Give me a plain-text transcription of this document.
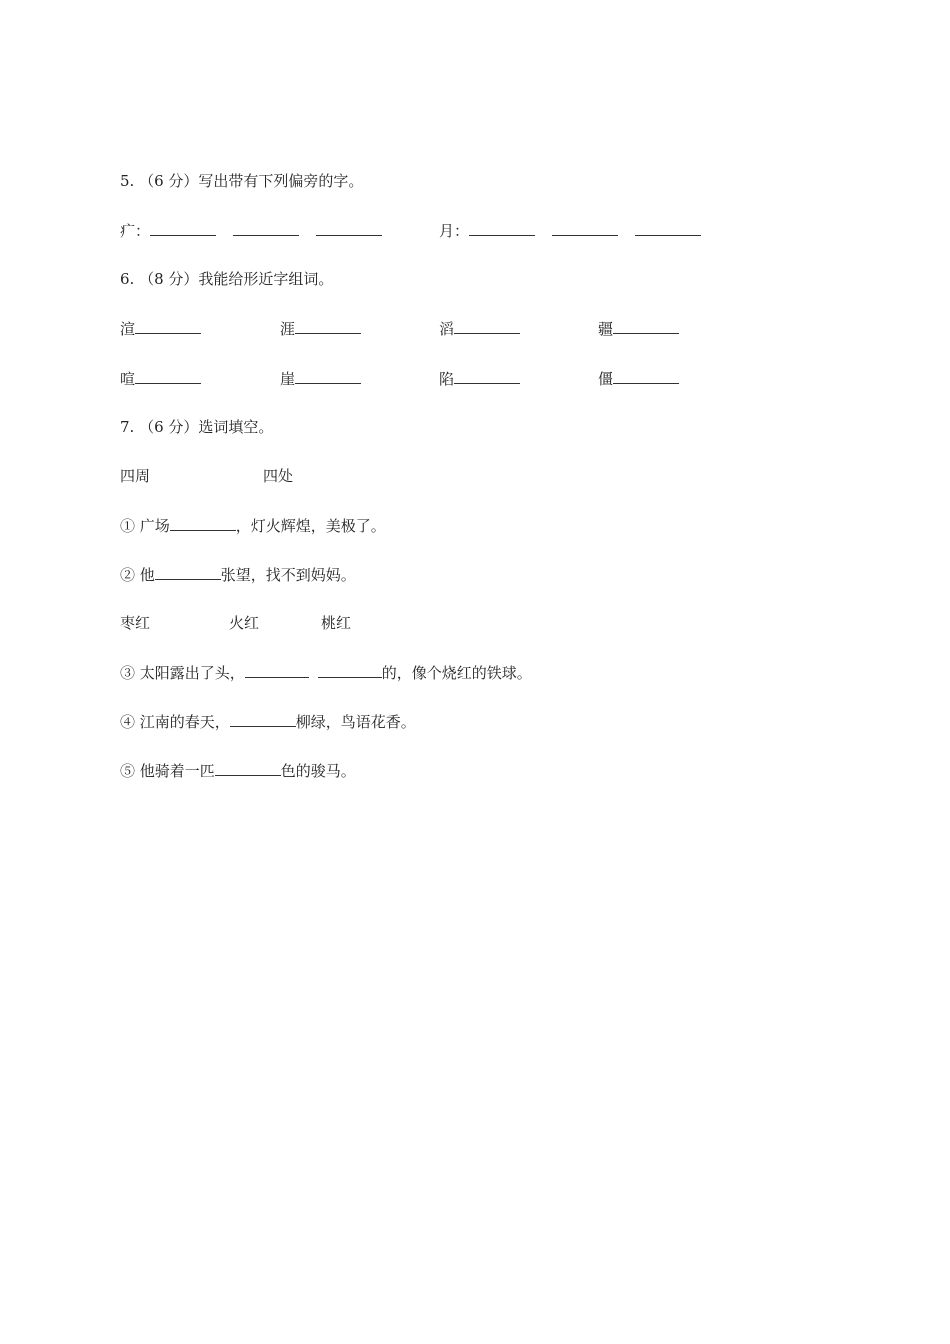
5. （6 分）写出带有下列偏旁的字。
疒：	月：
6. （8 分）我能给形近字组词。
渲	涯	滔	疆
喧	崖	陷	僵
7. （6 分）选词填空。
四周	四处
① 广场	，灯火辉煌，美极了。
② 他	张望，找不到妈妈。
枣红	火红	桃红
③ 太阳露出了头，	的，像个烧红的铁球。
④ 江南的春天，	柳绿，鸟语花香。
⑤ 他骑着一匹	色的骏马。
